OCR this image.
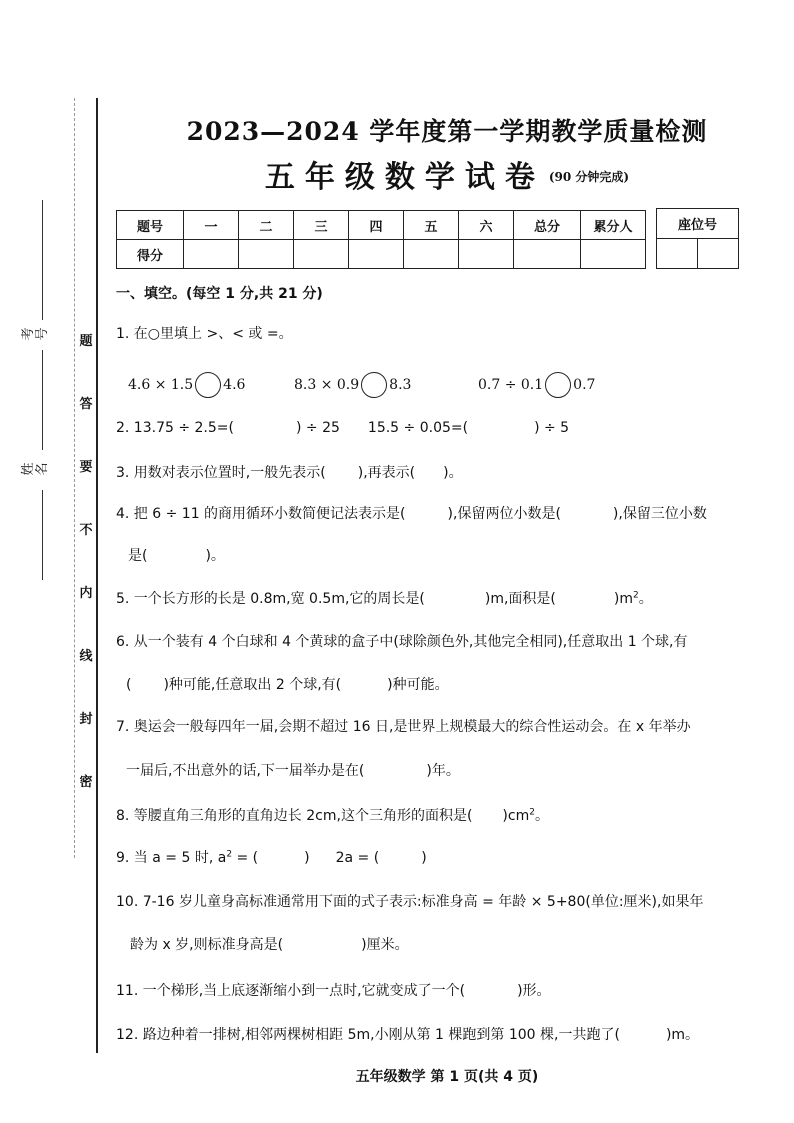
考号
姓名
题
答
要
不
内
线
封
密
2023—2024 学年度第一学期教学质量检测
五年级数学试卷 $^{(90 分钟完成)}$
题号	一	二	三	四	五	六	总分	累分人
得分								
座位号

一、填空。(每空 1 分,共 21 分)
1. 在○里填上 >、< 或 =。
4.6 × 1.5 4.6	8.3 × 0.9 8.3	0.7 ÷ 0.1 0.7
2. 13.75 ÷ 2.5=(	) ÷ 25 15.5 ÷ 0.05=(	) ÷ 5
3. 用数对表示位置时,一般先表示( ),再表示( )。
4. 把 6 ÷ 11 的商用循环小数简便记法表示是(	),保留两位小数是(	),保留三位小数
是(	)。
5. 一个长方形的长是 0.8m,宽 0.5m,它的周长是(	)m,面积是(	)$m^2$。
6. 从一个装有 4 个白球和 4 个黄球的盒子中(球除颜色外,其他完全相同),任意取出 1 个球,有
( )种可能,任意取出 2 个球,有(	)种可能。
7. 奥运会一般每四年一届,会期不超过 16 日,是世界上规模最大的综合性运动会。在 x 年举办
一届后,不出意外的话,下一届举办是在(	)年。
8. 等腰直角三角形的直角边长 2cm,这个三角形的面积是( )$cm^2$。
9. 当 a = 5 时, $a^2$ = (	) 2a = (	)
10. 7-16 岁儿童身高标准通常用下面的式子表示:标准身高 = 年龄 × 5+80(单位:厘米),如果年
龄为 x 岁,则标准身高是(	)厘米。
11. 一个梯形,当上底逐渐缩小到一点时,它就变成了一个(	)形。
12. 路边种着一排树,相邻两棵树相距 5m,小刚从第 1 棵跑到第 100 棵,一共跑了(	)m。
五年级数学 第 1 页(共 4 页)
